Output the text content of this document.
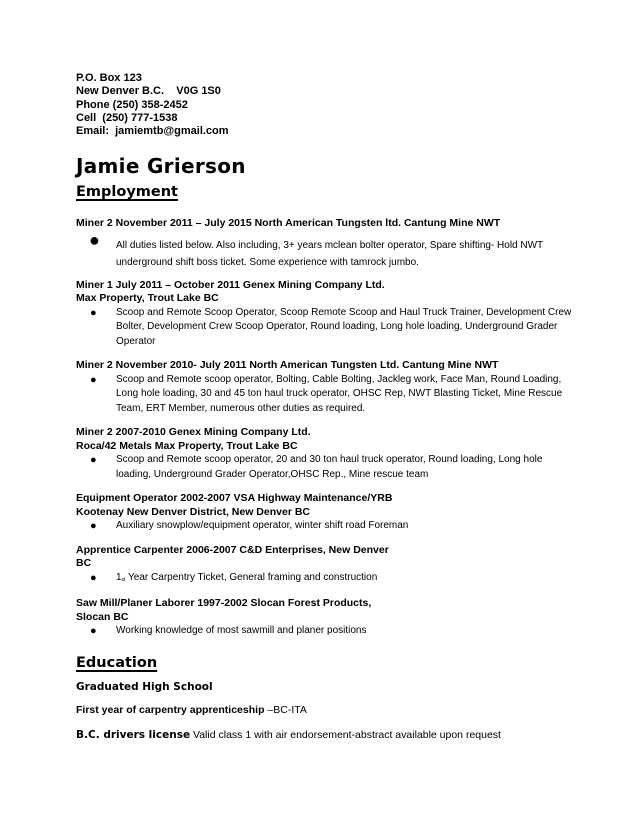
P.O. Box 123
New Denver B.C.    V0G 1S0
Phone (250) 358-2452
Cell  (250) 777-1538
Email:  jamiemtb@gmail.com
Jamie Grierson
Employment
Miner 2 November 2011 – July 2015 North American Tungsten ltd. Cantung Mine NWT
● All duties listed below. Also including, 3+ years mclean bolter operator, Spare shifting- Hold NWT underground shift boss ticket. Some experience with tamrock jumbo.
Miner 1 July 2011 – October 2011 Genex Mining Company Ltd.
Max Property, Trout Lake BC
● Scoop and Remote Scoop Operator, Scoop Remote Scoop and Haul Truck Trainer, Development Crew Bolter, Development Crew Scoop Operator, Round loading, Long hole loading, Underground Grader Operator
Miner 2 November 2010- July 2011 North American Tungsten Ltd. Cantung Mine NWT
● Scoop and Remote scoop operator, Bolting, Cable Bolting, Jackleg work, Face Man, Round Loading, Long hole loading, 30 and 45 ton haul truck operator, OHSC Rep, NWT Blasting Ticket, Mine Rescue Team, ERT Member, numerous other duties as required.
Miner 2 2007-2010 Genex Mining Company Ltd.
Roca/42 Metals Max Property, Trout Lake BC
● Scoop and Remote scoop operator, 20 and 30 ton haul truck operator, Round loading, Long hole loading, Underground Grader Operator,OHSC Rep., Mine rescue team
Equipment Operator 2002-2007 VSA Highway Maintenance/YRB
Kootenay New Denver District, New Denver BC
● Auxiliary snowplow/equipment operator, winter shift road Foreman
Apprentice Carpenter 2006-2007 C&D Enterprises, New Denver
BC
● 1st Year Carpentry Ticket, General framing and construction
Saw Mill/Planer Laborer 1997-2002 Slocan Forest Products,
Slocan BC
● Working knowledge of most sawmill and planer positions
Education
Graduated High School
First year of carpentry apprenticeship –BC-ITA
B.C. drivers license Valid class 1 with air endorsement-abstract available upon request
